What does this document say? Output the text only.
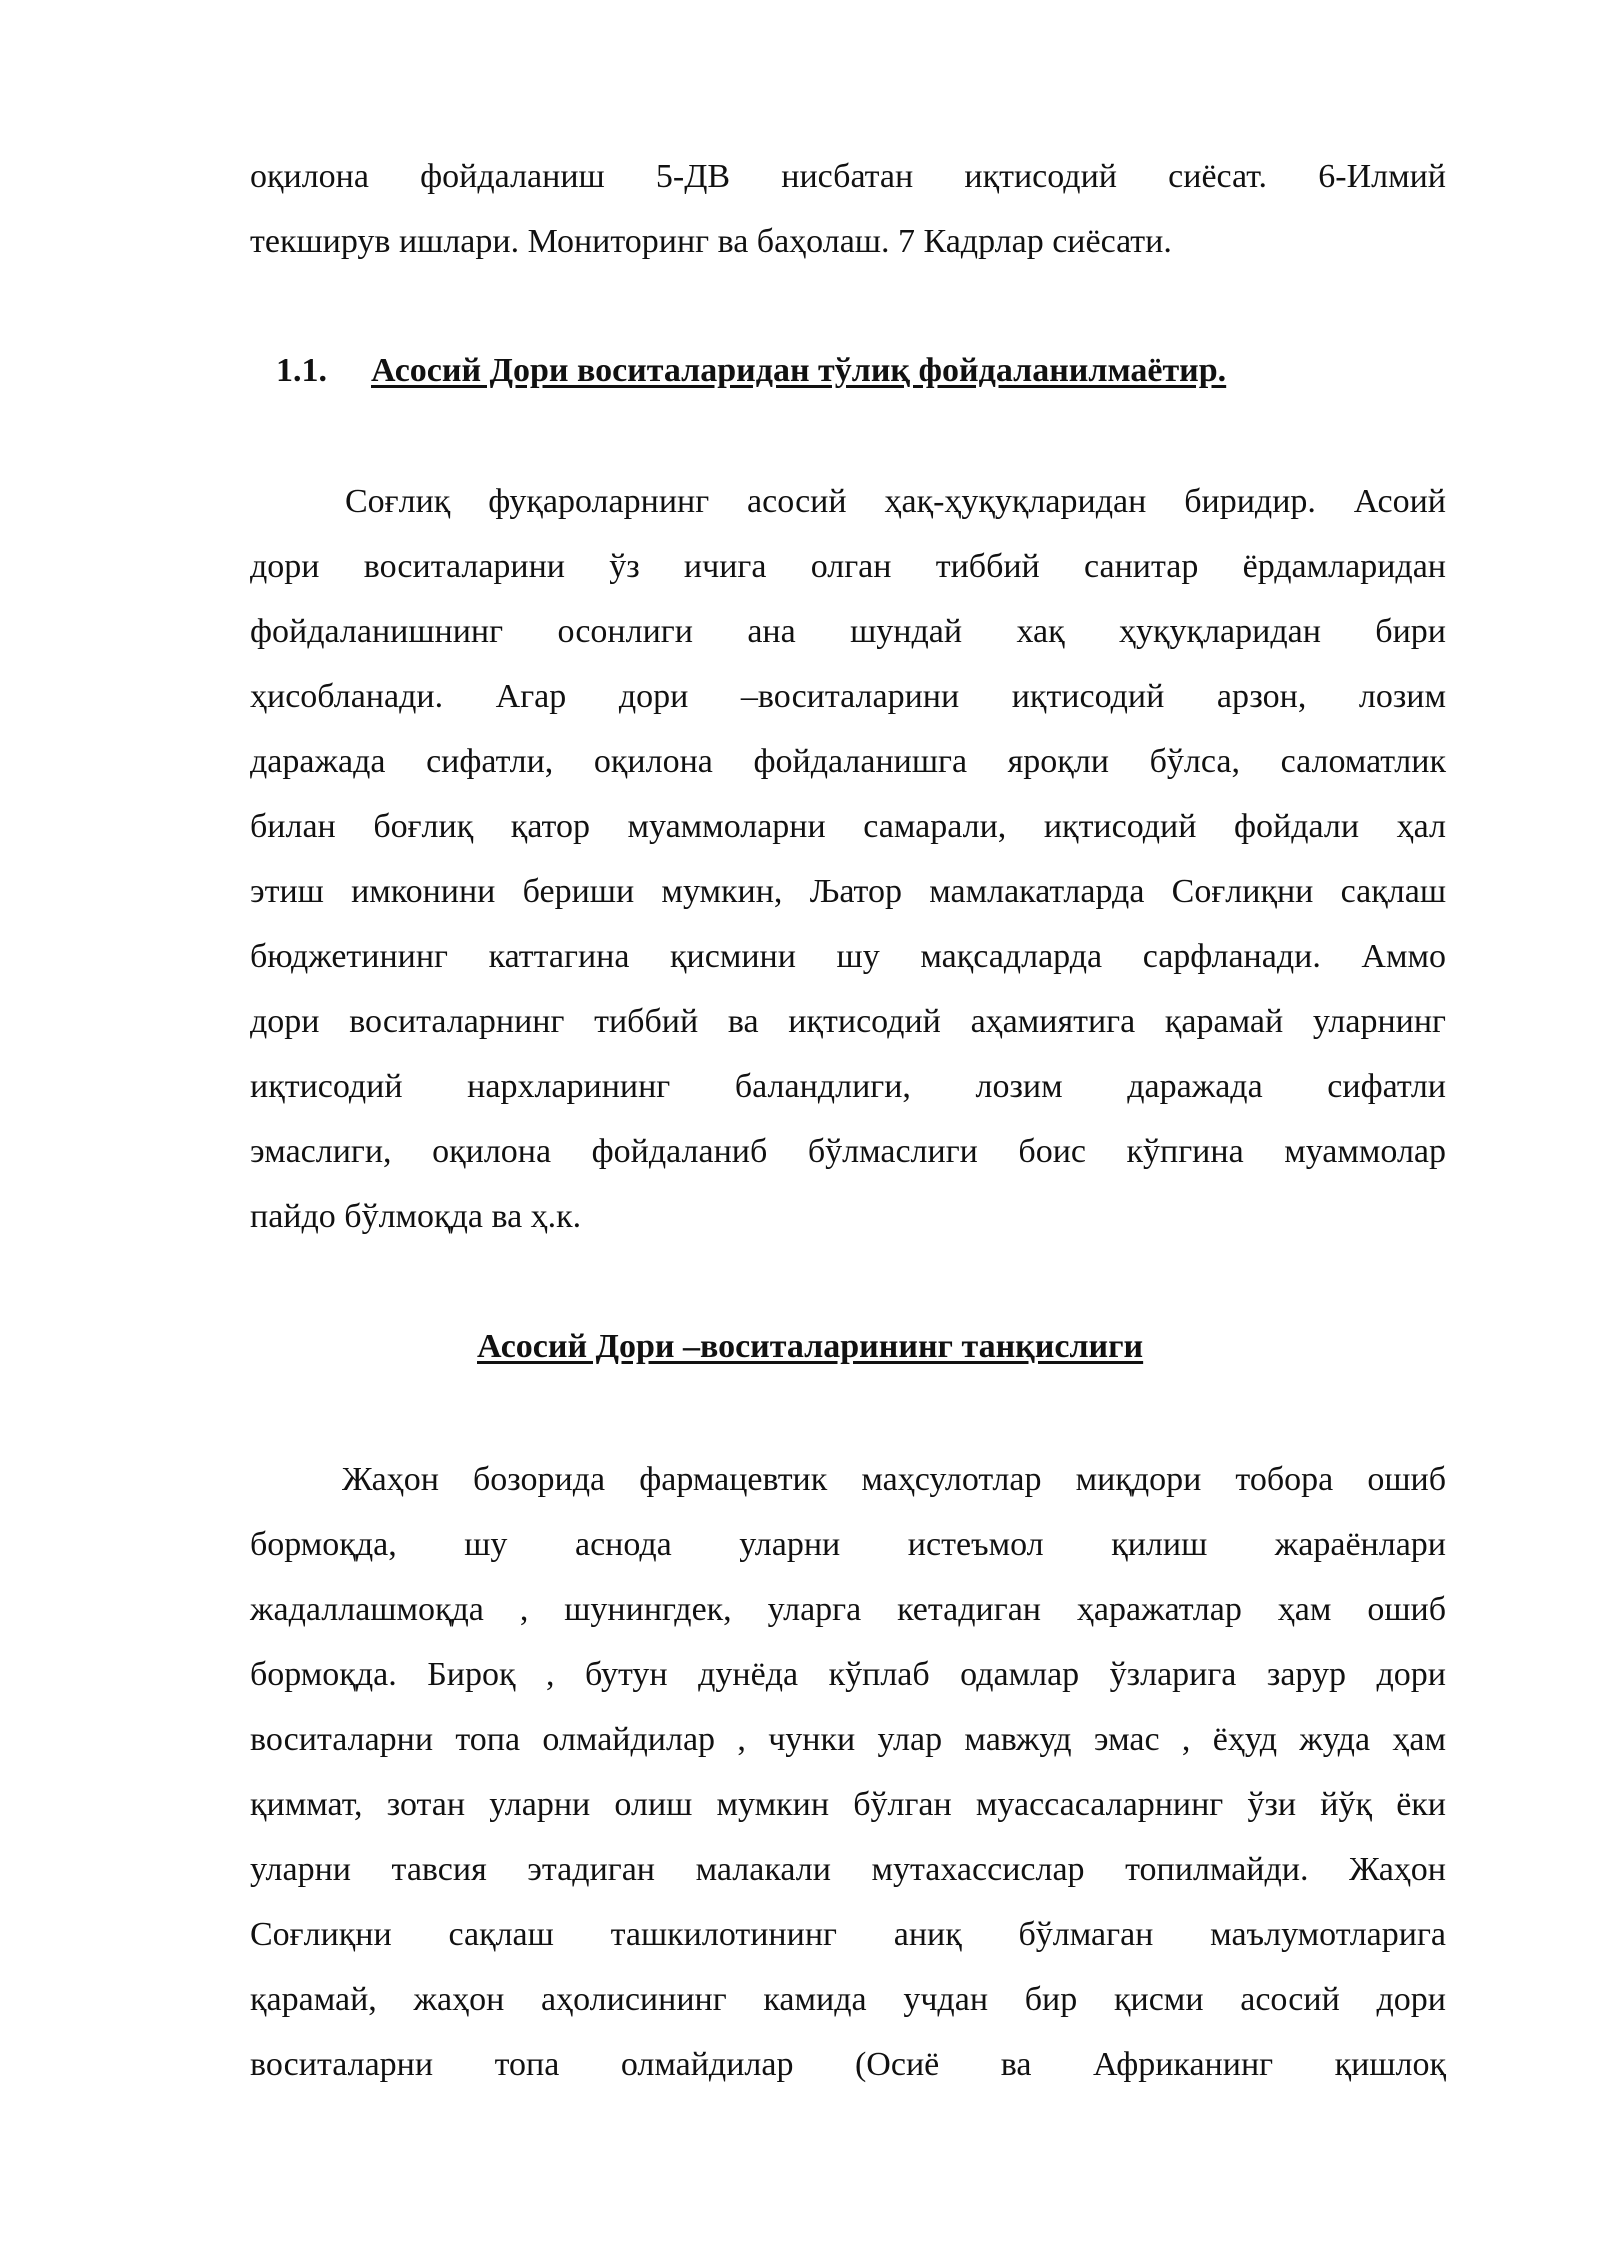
оқилона фойдаланиш 5-ДВ нисбатан иқтисодий сиёсат. 6-Илмий
текширув ишлари. Мониторинг ва баҳолаш. 7 Кадрлар сиёсати.
1.1. Асосий Дори воситаларидан тўлиқ фойдаланилмаётир.
Соғлиқ фуқароларнинг асосий ҳақ-ҳуқуқларидан биридир. Асоий
дори воситаларини ўз ичига олган тиббий санитар ёрдамларидан
фойдаланишнинг осонлиги ана шундай хақ ҳуқуқларидан бири
ҳисобланади. Агар дори –воситаларини иқтисодий арзон, лозим
даражада сифатли, оқилона фойдаланишга яроқли бўлса, саломатлик
билан боғлиқ қатор муаммоларни самарали, иқтисодий фойдали ҳал
этиш имконини бериши мумкин, Љатор мамлакатларда Соғлиқни сақлаш
бюджетининг каттагина қисмини шу мақсадларда сарфланади. Аммо
дори воситаларнинг тиббий ва иқтисодий аҳамиятига қарамай уларнинг
иқтисодий нархларининг баландлиги, лозим даражада сифатли
эмаслиги, оқилона фойдаланиб бўлмаслиги боис кўпгина муаммолар
пайдо бўлмоқда ва ҳ.к.
Асосий Дори –воситаларининг танқислиги
Жаҳон бозорида фармацевтик маҳсулотлар миқдори тобора ошиб
бормоқда, шу аснода уларни истеъмол қилиш жараёнлари
жадаллашмоқда , шунингдек, уларга кетадиган ҳаражатлар ҳам ошиб
бормоқда. Бироқ , бутун дунёда кўплаб одамлар ўзларига зарур дори
воситаларни топа олмайдилар , чунки улар мавжуд эмас , ёҳуд жуда ҳам
қиммат, зотан уларни олиш мумкин бўлган муассасаларнинг ўзи йўқ ёки
уларни тавсия этадиган малакали мутахассислар топилмайди. Жаҳон
Соғлиқни сақлаш ташкилотининг аниқ бўлмаган маълумотларига
қарамай, жаҳон аҳолисининг камида учдан бир қисми асосий дори
воситаларни топа олмайдилар (Осиё ва Африканинг қишлоқ
